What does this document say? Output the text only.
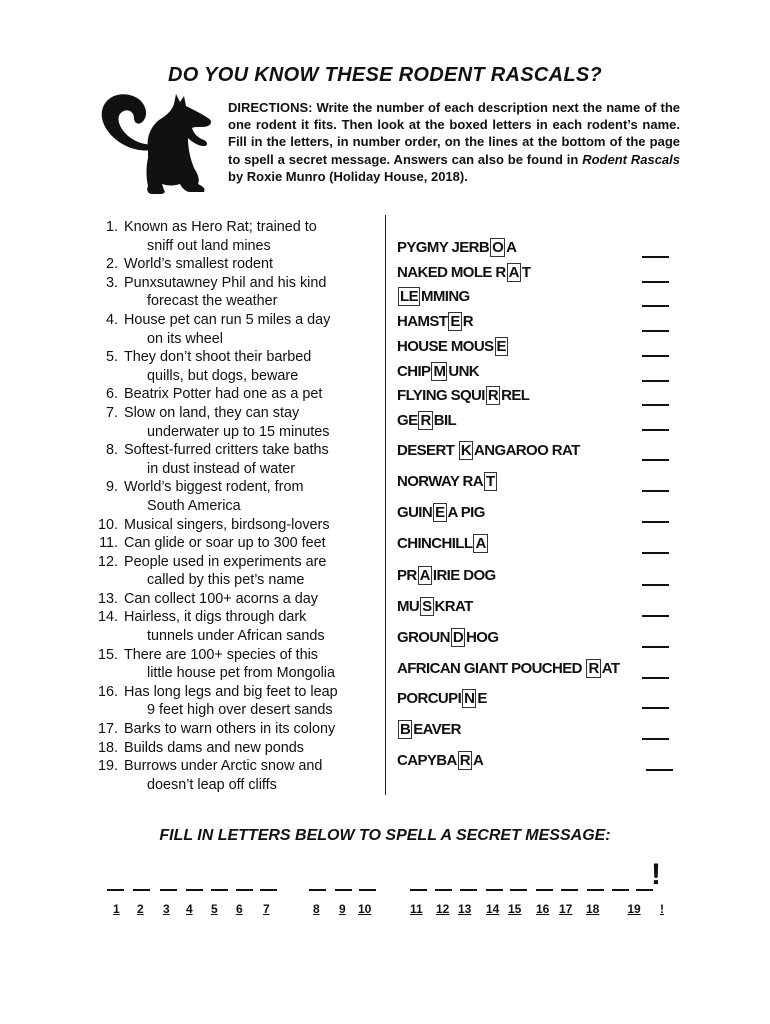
DO YOU KNOW THESE RODENT RASCALS?
DIRECTIONS: Write the number of each description next the name of the one rodent it fits. Then look at the boxed letters in each rodent’s name. Fill in the letters, in number order, on the lines at the bottom of the page to spell a secret message. Answers can also be found in Rodent Rascals by Roxie Munro (Holiday House, 2018).
1. Known as Hero Rat; trained to
sniff out land mines
2. World’s smallest rodent
3. Punxsutawney Phil and his kind
forecast the weather
4. House pet can run 5 miles a day
on its wheel
5. They don’t shoot their barbed
quills, but dogs, beware
6. Beatrix Potter had one as a pet
7. Slow on land, they can stay
underwater up to 15 minutes
8. Softest-furred critters take baths
in dust instead of water
9. World’s biggest rodent, from
South America
10. Musical singers, birdsong-lovers
11. Can glide or soar up to 300 feet
12. People used in experiments are
called by this pet’s name
13. Can collect 100+ acorns a day
14. Hairless, it digs through dark
tunnels under African sands
15. There are 100+ species of this
little house pet from Mongolia
16. Has long legs and big feet to leap
9 feet high over desert sands
17. Barks to warn others in its colony
18. Builds dams and new ponds
19. Burrows under Arctic snow and
doesn’t leap off cliffs
PYGMY JERB O A
NAKED MOLE R A T
LE MMING
HAMST E R
HOUSE MOUS E
CHIP M UNK
FLYING SQUI R REL
GE R BIL
DESERT K ANGAROO RAT
NORWAY RA T
GUIN E A PIG
CHINCHILL A
PR A IRIE DOG
MU S KRAT
GROUN D HOG
AFRICAN GIANT POUCHED R AT
PORCUPI N E
B EAVER
CAPYBA R A
FILL IN LETTERS BELOW TO SPELL A SECRET MESSAGE:
!
1 2 3 4 5 6 7	8 9 10	11 12 13 14 15 16 17 18	19	!
